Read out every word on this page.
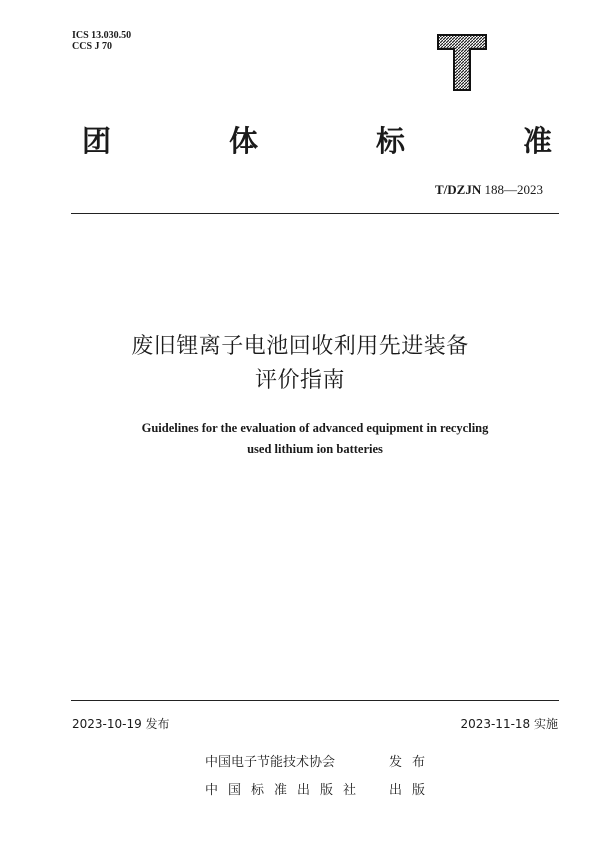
ICS 13.030.50
CCS J 70
团	体	标	准
T/DZJN 188—2023
废旧锂离子电池回收利用先进装备
评价指南
Guidelines for the evaluation of advanced equipment in recycling
used lithium ion batteries
2023-10-19 发布	2023-11-18 实施
中国电子节能技术协会	发布
中国标准出版社	出版
